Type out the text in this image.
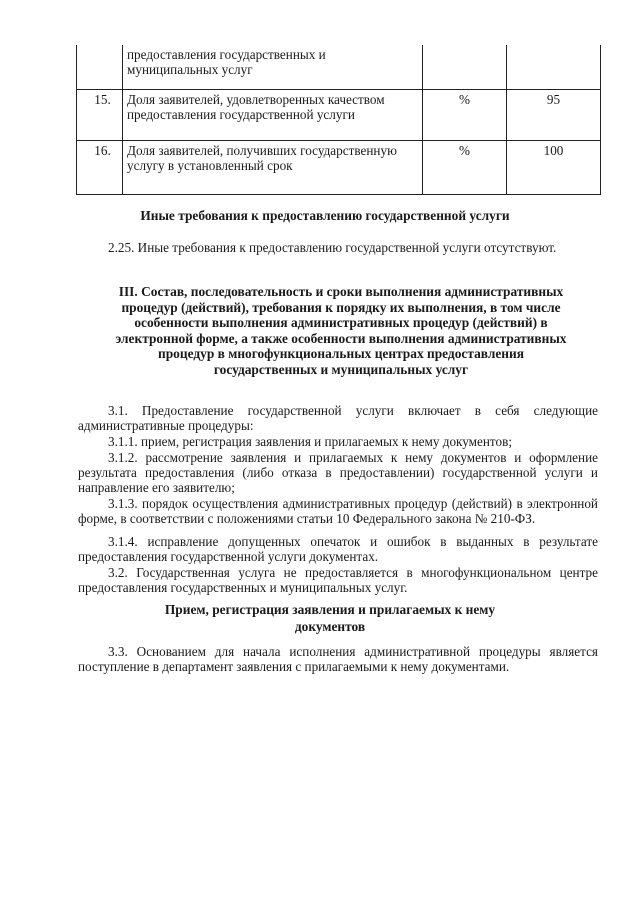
	предоставления государственных и муниципальных услуг		
15.	Доля заявителей, удовлетворенных качеством предоставления государственной услуги	%	95
16.	Доля заявителей, получивших государственную услугу в установленный срок	%	100
Иные требования к предоставлению государственной услуги

2.25. Иные требования к предоставлению государственной услуги отсутствуют.

III. Состав, последовательность и сроки выполнения административных процедур (действий), требования к порядку их выполнения, в том числе особенности выполнения административных процедур (действий) в электронной форме, а также особенности выполнения административных процедур в многофункциональных центрах предоставления государственных и муниципальных услуг

3.1. Предоставление государственной услуги включает в себя следующие административные процедуры:

3.1.1. прием, регистрация заявления и прилагаемых к нему документов;

3.1.2. рассмотрение заявления и прилагаемых к нему документов и оформление результата предоставления (либо отказа в предоставлении) государственной услуги и направление его заявителю;

3.1.3. порядок осуществления административных процедур (действий) в электронной форме, в соответствии с положениями статьи 10 Федерального закона № 210-ФЗ.

3.1.4. исправление допущенных опечаток и ошибок в выданных в результате предоставления государственной услуги документах.

3.2. Государственная услуга не предоставляется в многофункциональном центре предоставления государственных и муниципальных услуг.

Прием, регистрация заявления и прилагаемых к нему документов

3.3. Основанием для начала исполнения административной процедуры является поступление в департамент заявления с прилагаемыми к нему документами.
